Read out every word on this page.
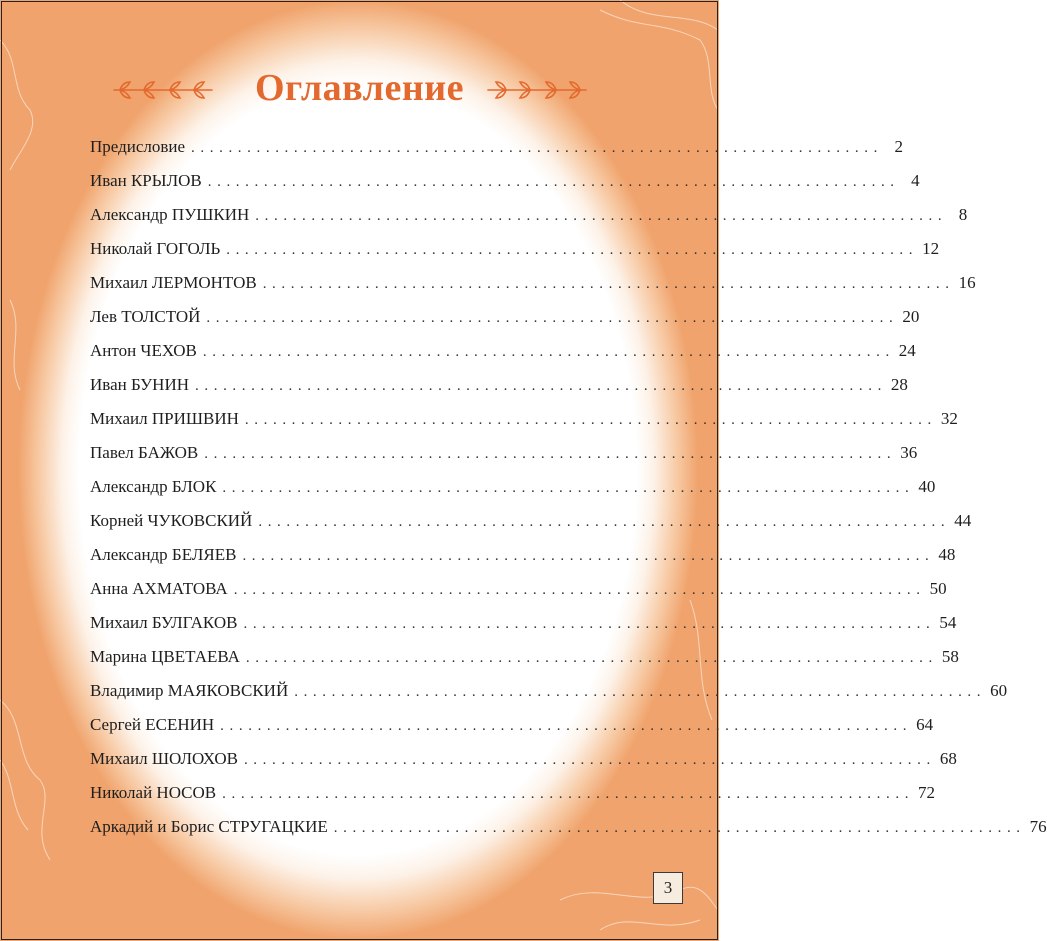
Оглавление
Предисловие .......................................................................... 2
Иван КРЫЛОВ .......................................................................... 4
Александр ПУШКИН .......................................................................... 8
Николай ГОГОЛЬ .......................................................................... 12
Михаил ЛЕРМОНТОВ .......................................................................... 16
Лев ТОЛСТОЙ .......................................................................... 20
Антон ЧЕХОВ .......................................................................... 24
Иван БУНИН .......................................................................... 28
Михаил ПРИШВИН .......................................................................... 32
Павел БАЖОВ .......................................................................... 36
Александр БЛОК .......................................................................... 40
Корней ЧУКОВСКИЙ .......................................................................... 44
Александр БЕЛЯЕВ .......................................................................... 48
Анна АХМАТОВА .......................................................................... 50
Михаил БУЛГАКОВ .......................................................................... 54
Марина ЦВЕТАЕВА .......................................................................... 58
Владимир МАЯКОВСКИЙ .......................................................................... 60
Сергей ЕСЕНИН .......................................................................... 64
Михаил ШОЛОХОВ .......................................................................... 68
Николай НОСОВ .......................................................................... 72
Аркадий и Борис СТРУГАЦКИЕ .......................................................................... 76
3
